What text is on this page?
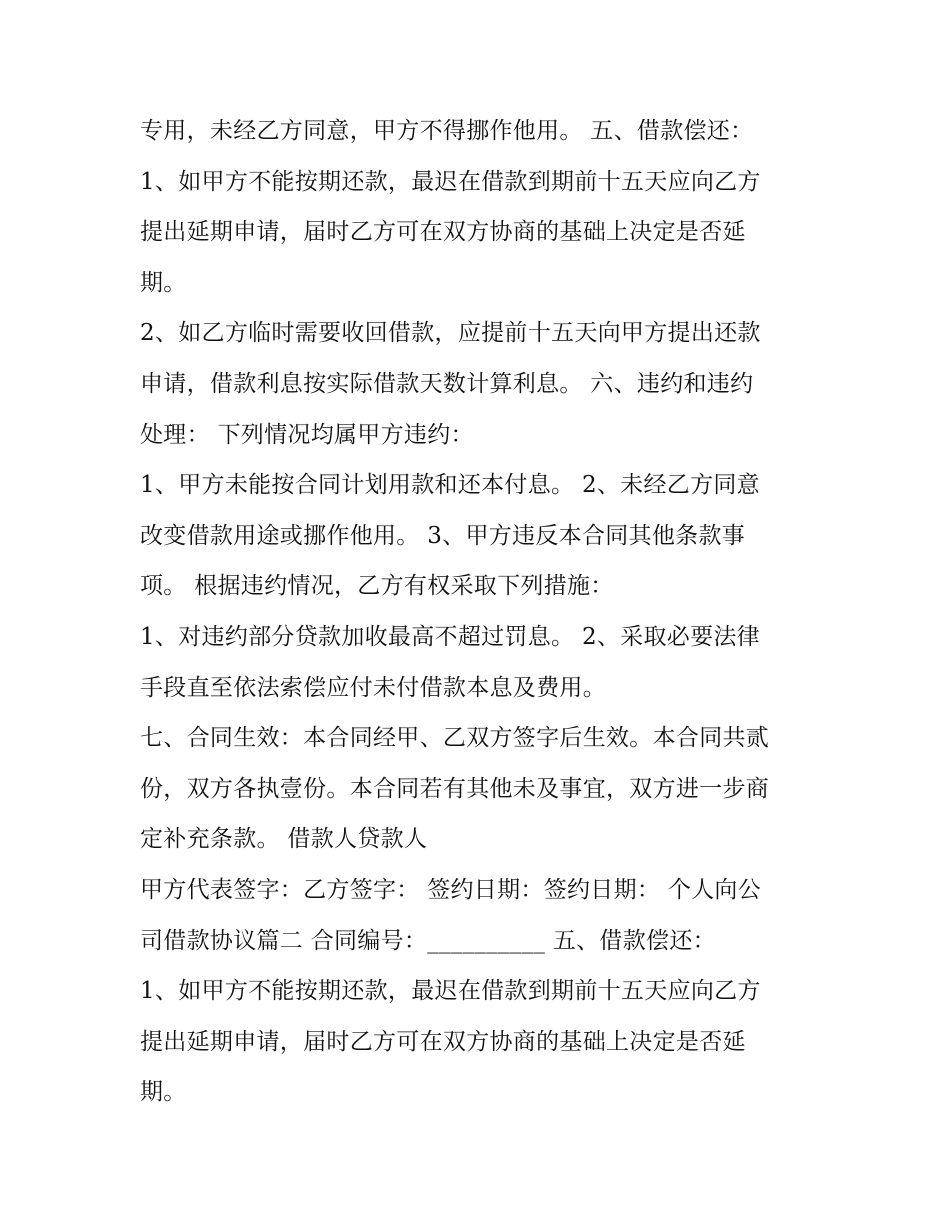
专用，未经乙方同意，甲方不得挪作他用。 五、借款偿还：
1、如甲方不能按期还款，最迟在借款到期前十五天应向乙方
提出延期申请，届时乙方可在双方协商的基础上决定是否延
期。
2、如乙方临时需要收回借款，应提前十五天向甲方提出还款
申请，借款利息按实际借款天数计算利息。 六、违约和违约
处理： 下列情况均属甲方违约：
1、甲方未能按合同计划用款和还本付息。 2、未经乙方同意
改变借款用途或挪作他用。 3、甲方违反本合同其他条款事
项。 根据违约情况，乙方有权采取下列措施：
1、对违约部分贷款加收最高不超过罚息。 2、采取必要法律
手段直至依法索偿应付未付借款本息及费用。
七、合同生效：本合同经甲、乙双方签字后生效。本合同共贰
份，双方各执壹份。本合同若有其他未及事宜，双方进一步商
定补充条款。 借款人贷款人
甲方代表签字：乙方签字： 签约日期：签约日期： 个人向公
司借款协议篇二 合同编号：__________ 五、借款偿还：
1、如甲方不能按期还款，最迟在借款到期前十五天应向乙方
提出延期申请，届时乙方可在双方协商的基础上决定是否延
期。
